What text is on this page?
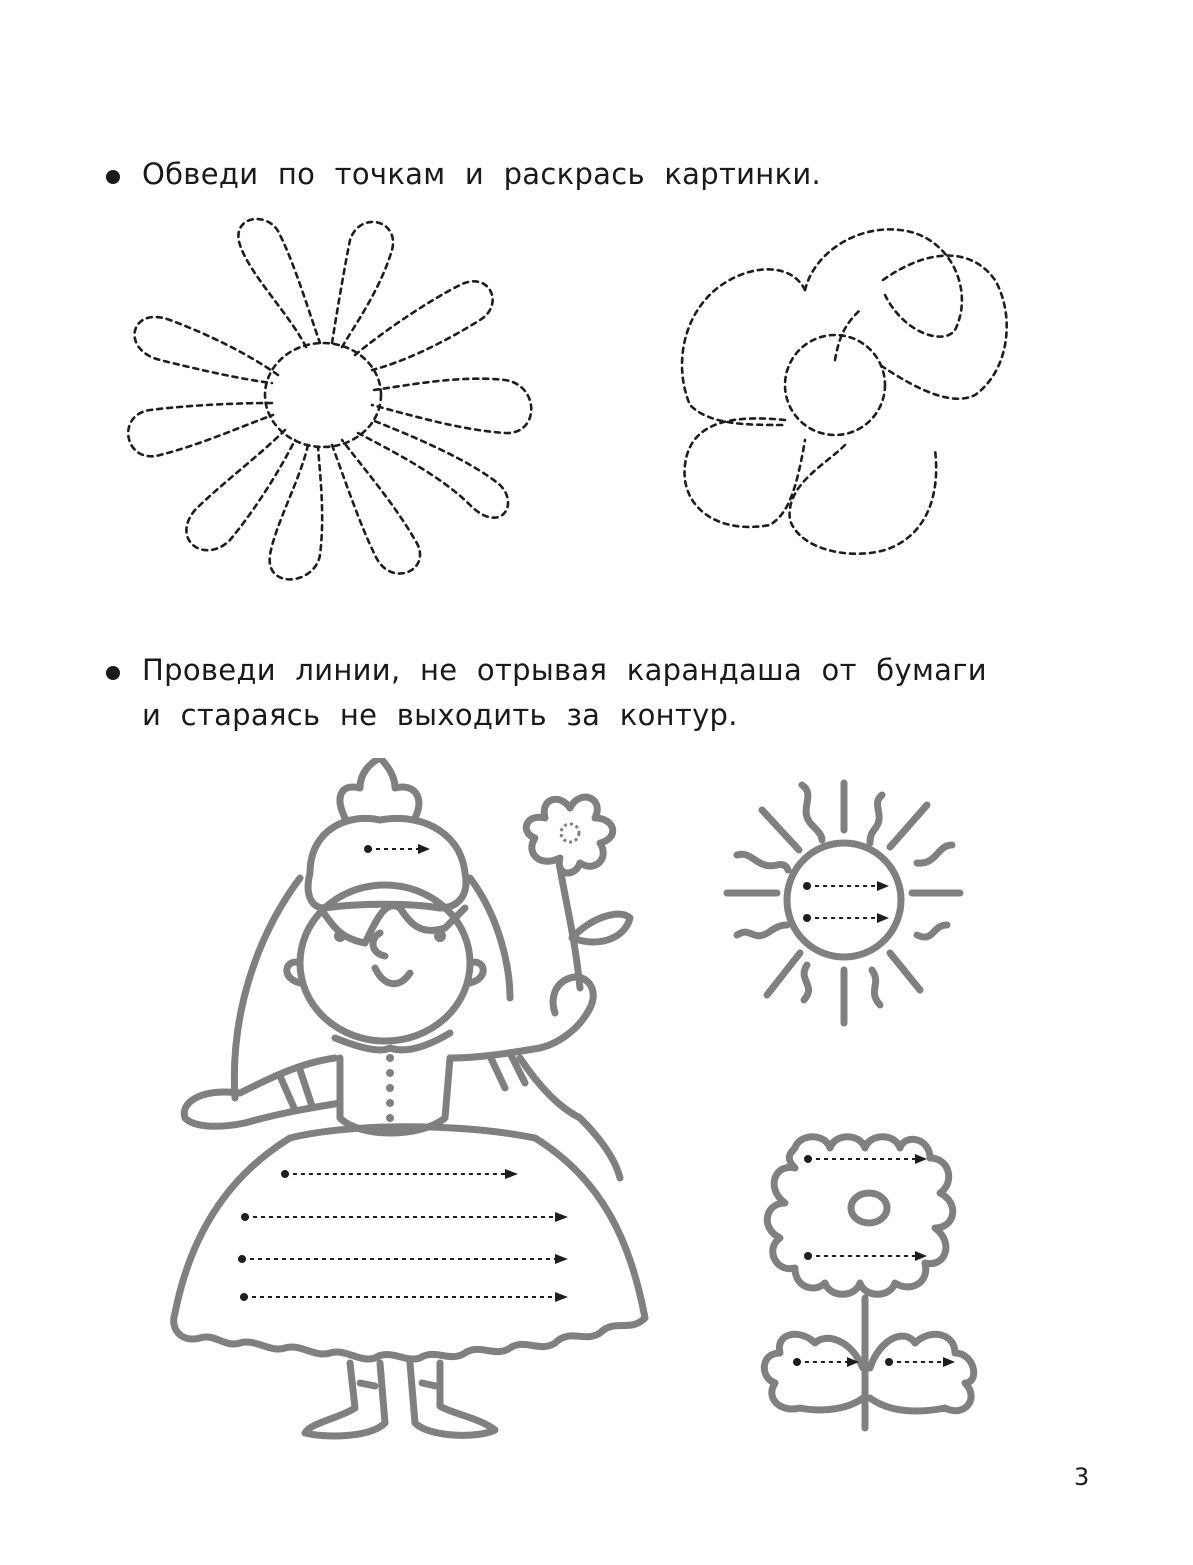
Обведи по точкам и раскрась картинки.
Проведи линии, не отрывая карандаша от бумаги
и стараясь не выходить за контур.
3
